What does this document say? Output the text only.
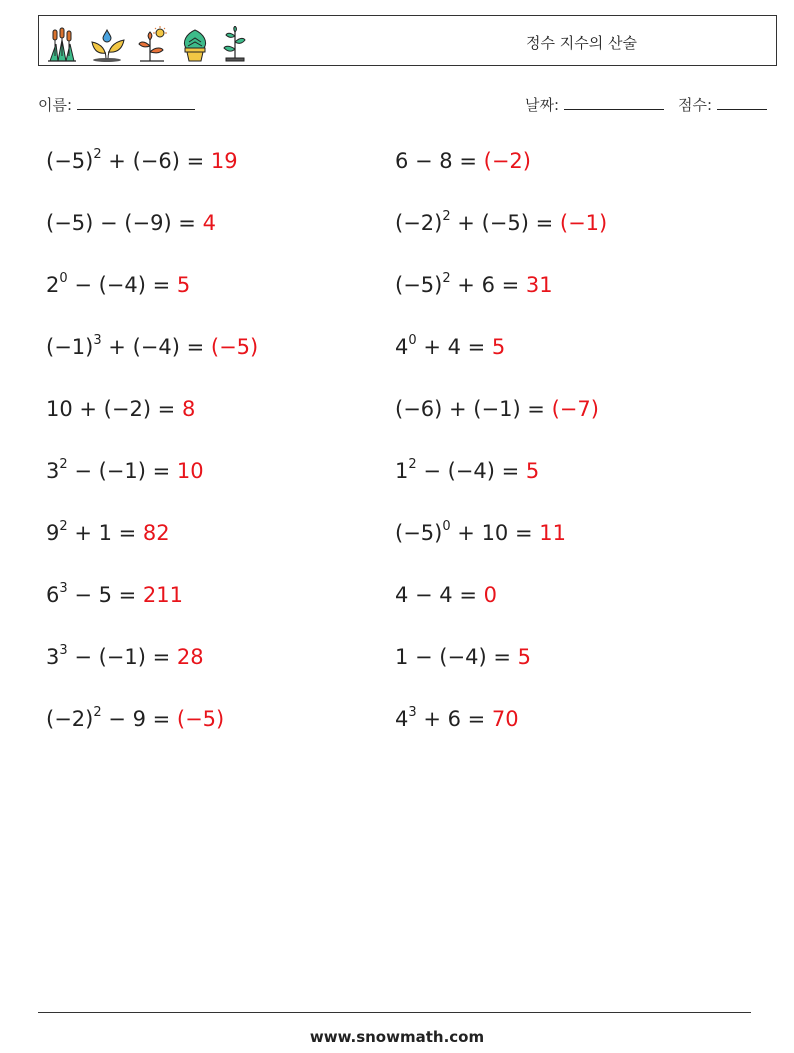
정수 지수의 산술
이름:	날짜:	점수:
$(-5)^2 + (-6) = 19$	6 − 8 = (−2)
(−5) − (−9) = 4	$(-2)^2 + (-5) = (-1)$
$2^0 - (-4) = 5$	$(-5)^2 + 6 = 31$
$(-1)^3 + (-4) = (-5)$	$4^0 + 4 = 5$
10 + (−2) = 8	(−6) + (−1) = (−7)
$3^2 - (-1) = 10$	$1^2 - (-4) = 5$
$9^2 + 1 = 82$	$(-5)^0 + 10 = 11$
$6^3 - 5 = 211$	4 − 4 = 0
$3^3 - (-1) = 28$	1 − (−4) = 5
$(-2)^2 - 9 = (-5)$	$4^3 + 6 = 70$
www.snowmath.com
